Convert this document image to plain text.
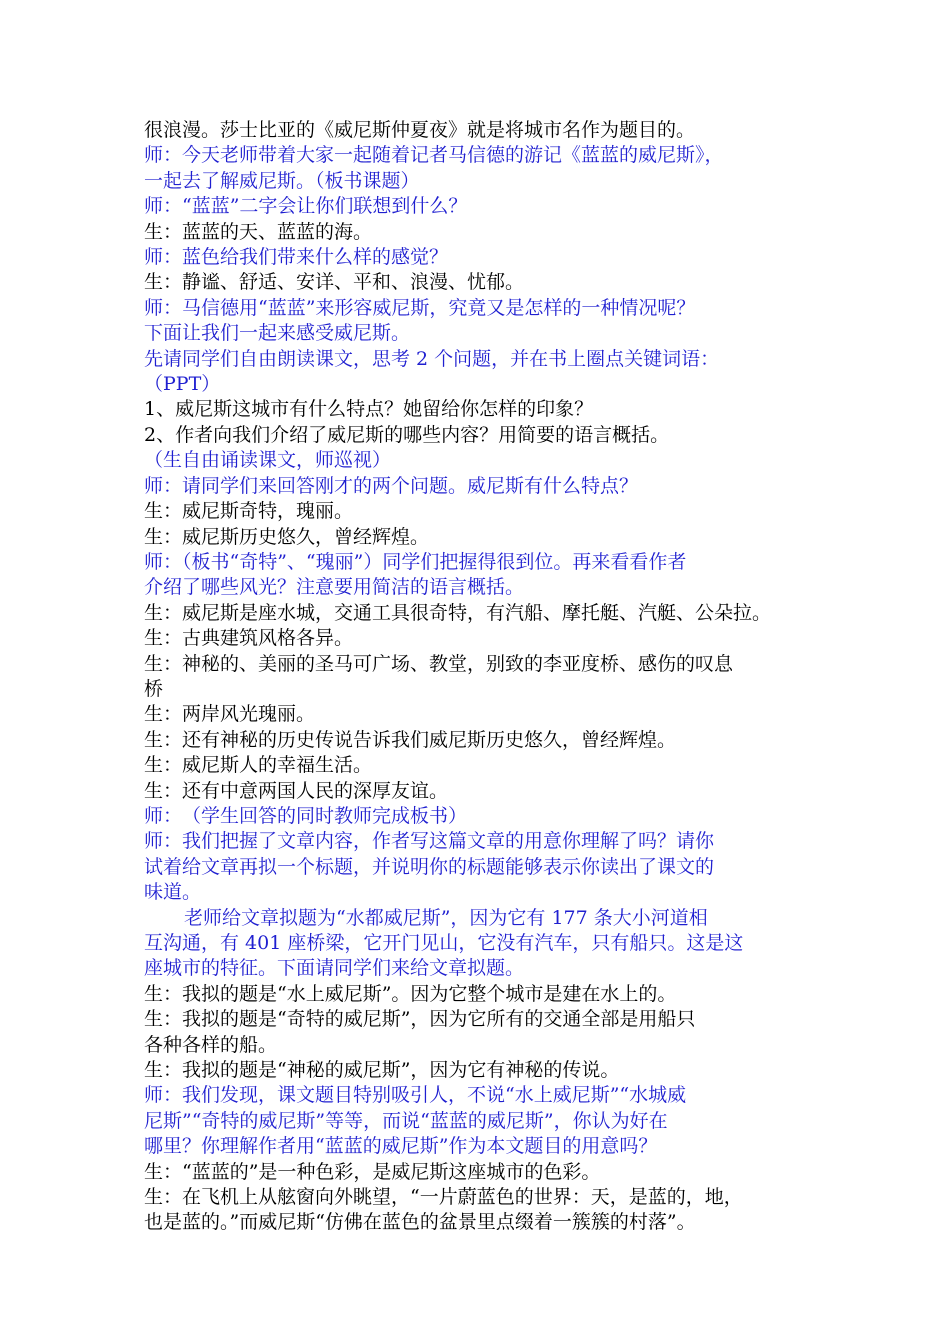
很浪漫。莎士比亚的《威尼斯仲夏夜》就是将城市名作为题目的。
师：今天老师带着大家一起随着记者马信德的游记《蓝蓝的威尼斯》，
一起去了解威尼斯。（板书课题）
师：“蓝蓝”二字会让你们联想到什么？
生：蓝蓝的天、蓝蓝的海。
师：蓝色给我们带来什么样的感觉？
生：静谧、舒适、安详、平和、浪漫、忧郁。
师：马信德用“蓝蓝”来形容威尼斯，究竟又是怎样的一种情况呢？
下面让我们一起来感受威尼斯。
先请同学们自由朗读课文，思考 2 个问题，并在书上圈点关键词语：
（PPT）
1、威尼斯这城市有什么特点？她留给你怎样的印象？
2、作者向我们介绍了威尼斯的哪些内容？用简要的语言概括。
（生自由诵读课文，师巡视）
师：请同学们来回答刚才的两个问题。威尼斯有什么特点？
生：威尼斯奇特，瑰丽。
生：威尼斯历史悠久，曾经辉煌。
师：（板书“奇特”、“瑰丽”）同学们把握得很到位。再来看看作者
介绍了哪些风光？注意要用简洁的语言概括。
生：威尼斯是座水城，交通工具很奇特，有汽船、摩托艇、汽艇、公朵拉。
生：古典建筑风格各异。
生：神秘的、美丽的圣马可广场、教堂，别致的李亚度桥、感伤的叹息
桥
生：两岸风光瑰丽。
生：还有神秘的历史传说告诉我们威尼斯历史悠久，曾经辉煌。
生：威尼斯人的幸福生活。
生：还有中意两国人民的深厚友谊。
师：　（学生回答的同时教师完成板书）
师：我们把握了文章内容，作者写这篇文章的用意你理解了吗？请你
试着给文章再拟一个标题，并说明你的标题能够表示你读出了课文的
味道。
老师给文章拟题为“水都威尼斯”，因为它有 177 条大小河道相
互沟通，有 401 座桥梁，它开门见山，它没有汽车，只有船只。这是这
座城市的特征。下面请同学们来给文章拟题。
生：我拟的题是“水上威尼斯”。因为它整个城市是建在水上的。
生：我拟的题是“奇特的威尼斯”，因为它所有的交通全部是用船只
各种各样的船。
生：我拟的题是“神秘的威尼斯”，因为它有神秘的传说。
师：我们发现，课文题目特别吸引人，不说“水上威尼斯”“水城威
尼斯”“奇特的威尼斯”等等，而说“蓝蓝的威尼斯”，你认为好在
哪里？你理解作者用“蓝蓝的威尼斯”作为本文题目的用意吗？
生：“蓝蓝的”是一种色彩，是威尼斯这座城市的色彩。
生：在飞机上从舷窗向外眺望，“一片蔚蓝色的世界：天，是蓝的，地，
也是蓝的。”而威尼斯“仿佛在蓝色的盆景里点缀着一簇簇的村落”。
